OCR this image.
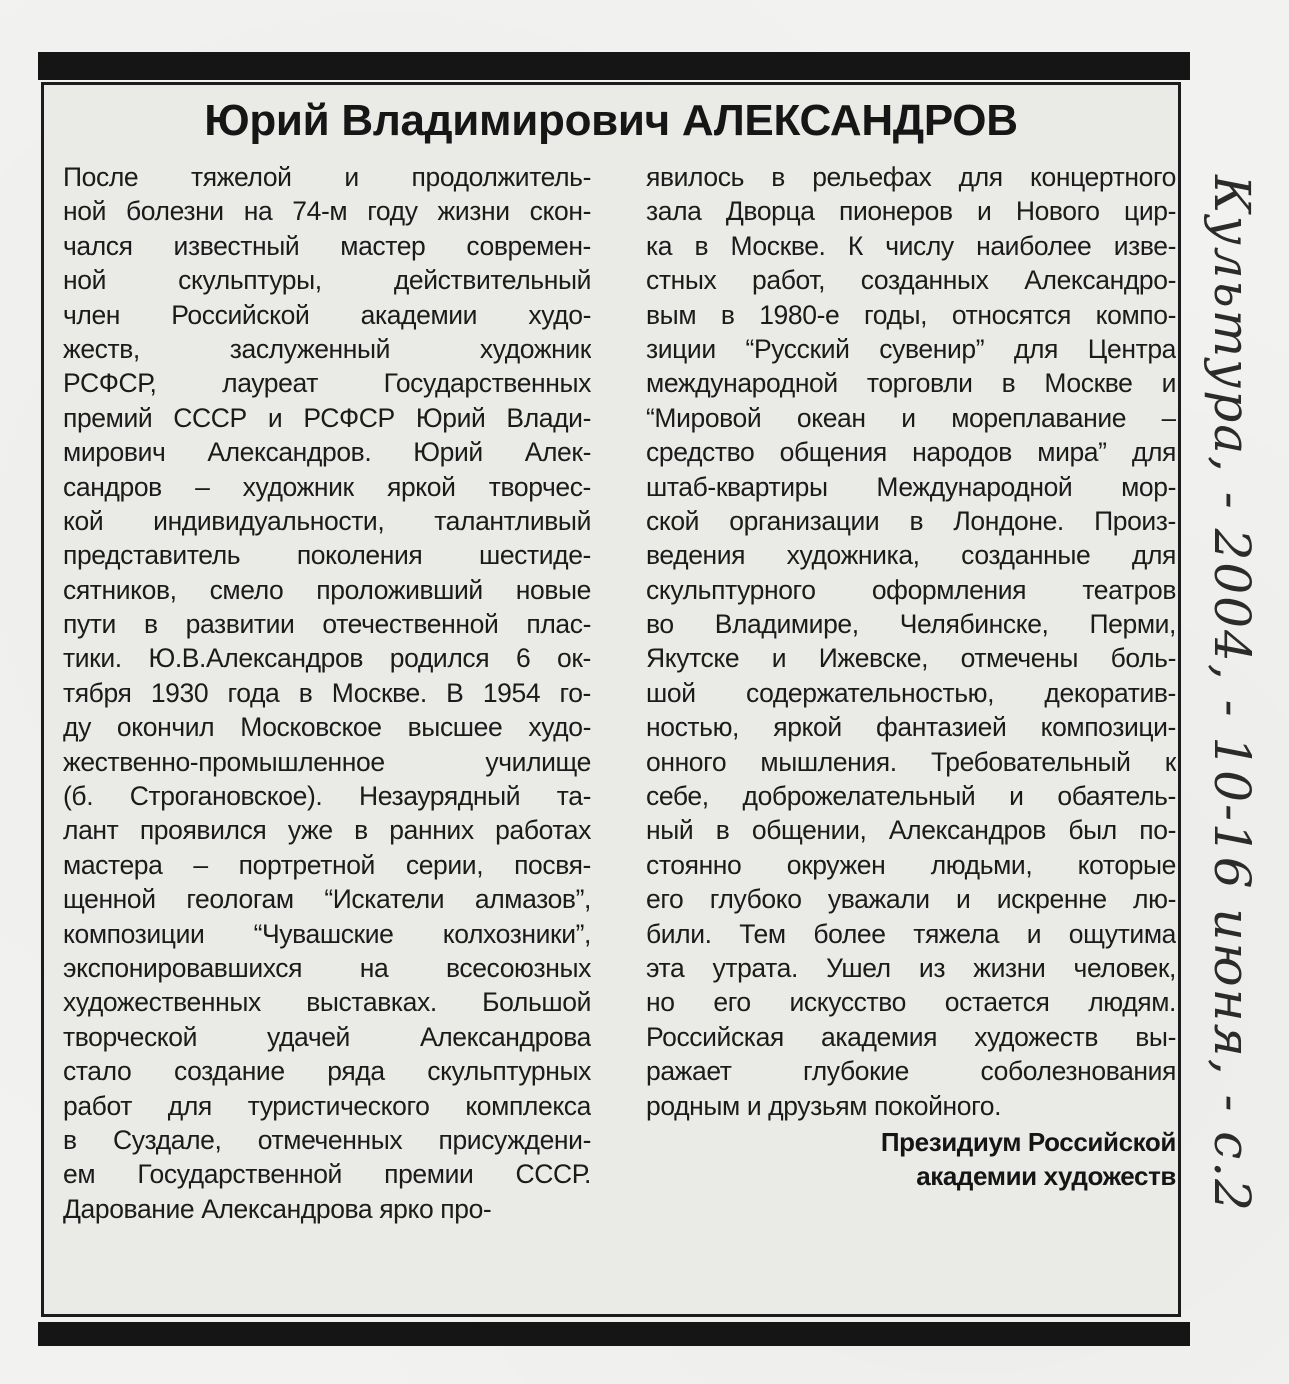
Юрий Владимирович АЛЕКСАНДРОВ
После тяжелой и продолжитель-
ной болезни на 74-м году жизни скон-
чался известный мастер современ-
ной скульптуры, действительный
член Российской академии худо-
жеств, заслуженный художник
РСФСР, лауреат Государственных
премий СССР и РСФСР Юрий Влади-
мирович Александров. Юрий Алек-
сандров – художник яркой творчес-
кой индивидуальности, талантливый
представитель поколения шестиде-
сятников, смело проложивший новые
пути в развитии отечественной плас-
тики. Ю.В.Александров родился 6 ок-
тября 1930 года в Москве. В 1954 го-
ду окончил Московское высшее худо-
жественно-промышленное училище
(б. Строгановское). Незаурядный та-
лант проявился уже в ранних работах
мастера – портретной серии, посвя-
щенной геологам “Искатели алмазов”,
композиции “Чувашские колхозники”,
экспонировавшихся на всесоюзных
художественных выставках. Большой
творческой удачей Александрова
стало создание ряда скульптурных
работ для туристического комплекса
в Суздале, отмеченных присуждени-
ем Государственной премии СССР.
Дарование Александрова ярко про-
явилось в рельефах для концертного
зала Дворца пионеров и Нового цир-
ка в Москве. К числу наиболее изве-
стных работ, созданных Александро-
вым в 1980-е годы, относятся компо-
зиции “Русский сувенир” для Центра
международной торговли в Москве и
“Мировой океан и мореплавание –
средство общения народов мира” для
штаб-квартиры Международной мор-
ской организации в Лондоне. Произ-
ведения художника, созданные для
скульптурного оформления театров
во Владимире, Челябинске, Перми,
Якутске и Ижевске, отмечены боль-
шой содержательностью, декоратив-
ностью, яркой фантазией композици-
онного мышления. Требовательный к
себе, доброжелательный и обаятель-
ный в общении, Александров был по-
стоянно окружен людьми, которые
его глубоко уважали и искренне лю-
били. Тем более тяжела и ощутима
эта утрата. Ушел из жизни человек,
но его искусство остается людям.
Российская академия художеств вы-
ражает глубокие соболезнования
родным и друзьям покойного.
Президиум Российской
академии художеств Культура, - 2004, - 10-16 июня, - с.2
